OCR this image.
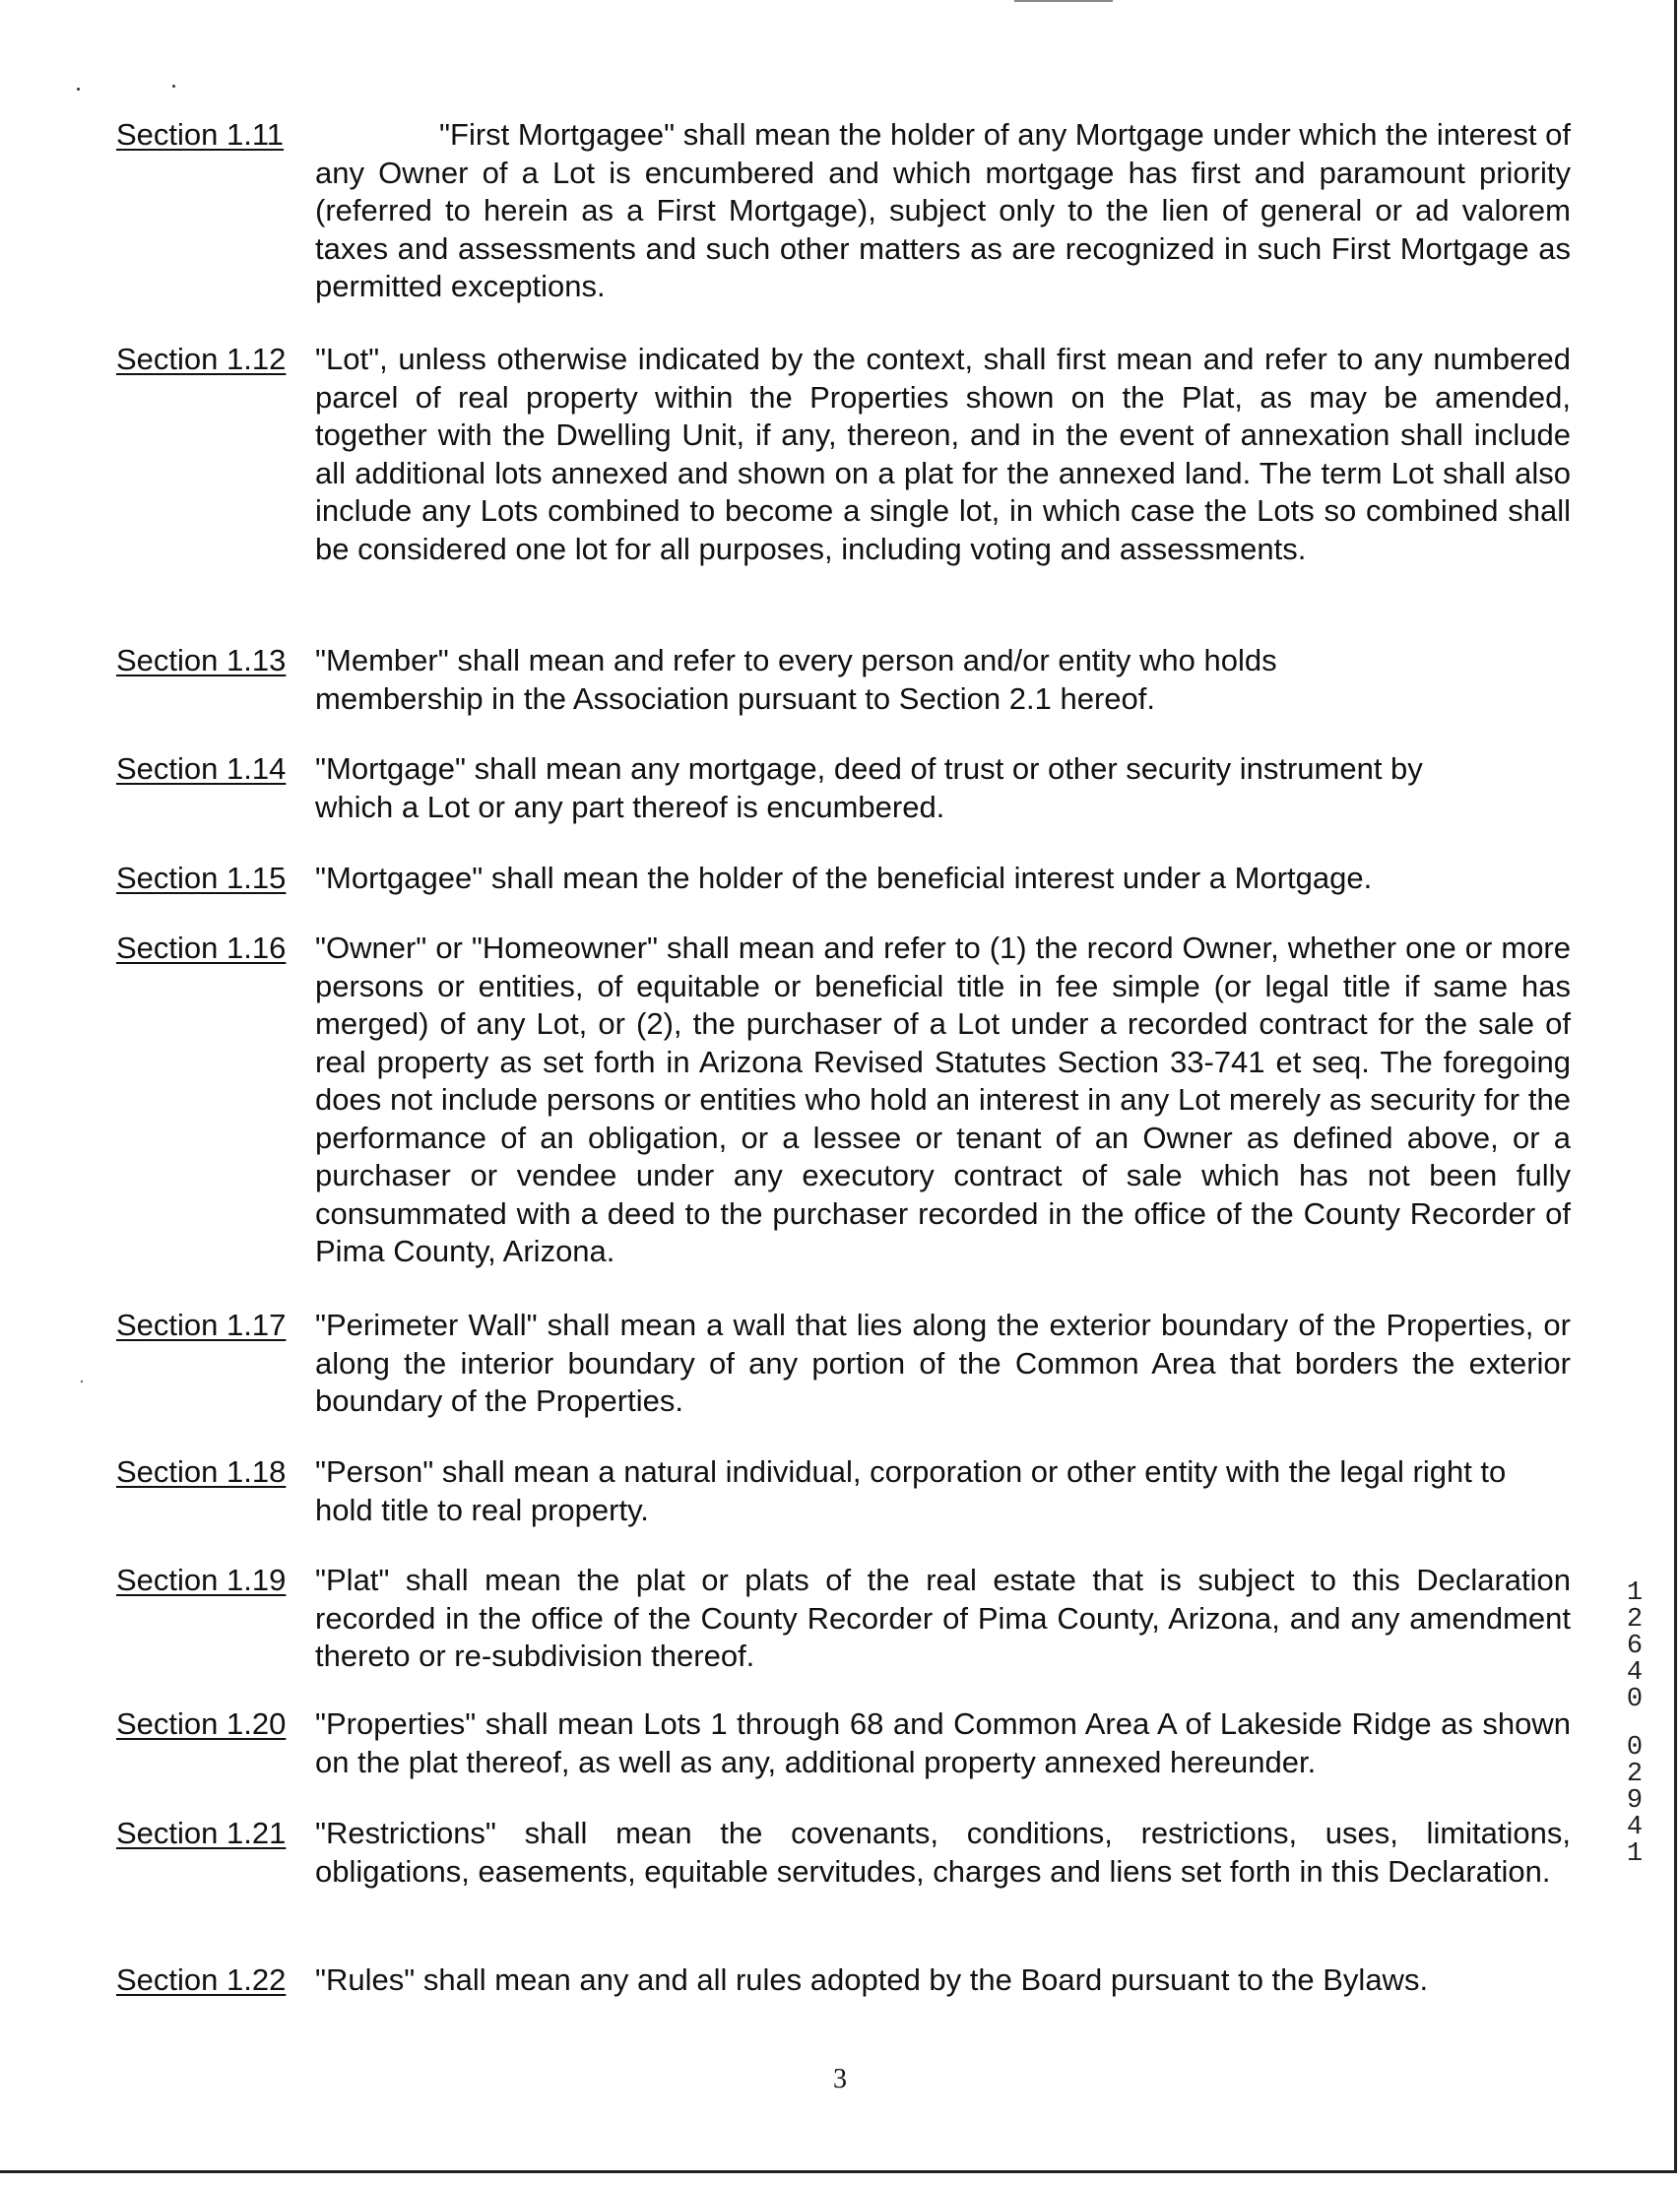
Section 1.11	"First Mortgagee" shall mean the holder of any Mortgage under which the interest of any Owner of a Lot is encumbered and which mortgage has first and paramount priority (referred to herein as a First Mortgage), subject only to the lien of general or ad valorem taxes and assessments and such other matters as are recognized in such First Mortgage as permitted exceptions.
Section 1.12 "Lot", unless otherwise indicated by the context, shall first mean and refer to any numbered parcel of real property within the Properties shown on the Plat, as may be amended, together with the Dwelling Unit, if any, thereon, and in the event of annexation shall include all additional lots annexed and shown on a plat for the annexed land. The term Lot shall also include any Lots combined to become a single lot, in which case the Lots so combined shall be considered one lot for all purposes, including voting and assessments.
Section 1.13 "Member" shall mean and refer to every person and/or entity who holds membership in the Association pursuant to Section 2.1 hereof.
Section 1.14 "Mortgage" shall mean any mortgage, deed of trust or other security instrument by which a Lot or any part thereof is encumbered.
Section 1.15 "Mortgagee" shall mean the holder of the beneficial interest under a Mortgage.
Section 1.16 "Owner" or "Homeowner" shall mean and refer to (1) the record Owner, whether one or more persons or entities, of equitable or beneficial title in fee simple (or legal title if same has merged) of any Lot, or (2), the purchaser of a Lot under a recorded contract for the sale of real property as set forth in Arizona Revised Statutes Section 33-741 et seq. The foregoing does not include persons or entities who hold an interest in any Lot merely as security for the performance of an obligation, or a lessee or tenant of an Owner as defined above, or a purchaser or vendee under any executory contract of sale which has not been fully consummated with a deed to the purchaser recorded in the office of the County Recorder of Pima County, Arizona.
Section 1.17 "Perimeter Wall" shall mean a wall that lies along the exterior boundary of the Properties, or along the interior boundary of any portion of the Common Area that borders the exterior boundary of the Properties.
Section 1.18 "Person" shall mean a natural individual, corporation or other entity with the legal right to hold title to real property.
Section 1.19 "Plat" shall mean the plat or plats of the real estate that is subject to this Declaration recorded in the office of the County Recorder of Pima County, Arizona, and any amendment thereto or re-subdivision thereof.
Section 1.20 "Properties" shall mean Lots 1 through 68 and Common Area A of Lakeside Ridge as shown on the plat thereof, as well as any, additional property annexed hereunder.
Section 1.21 "Restrictions" shall mean the covenants, conditions, restrictions, uses, limitations, obligations, easements, equitable servitudes, charges and liens set forth in this Declaration.
Section 1.22 "Rules" shall mean any and all rules adopted by the Board pursuant to the Bylaws.
3
1
2
6
4
0
0
2
9
4
1
